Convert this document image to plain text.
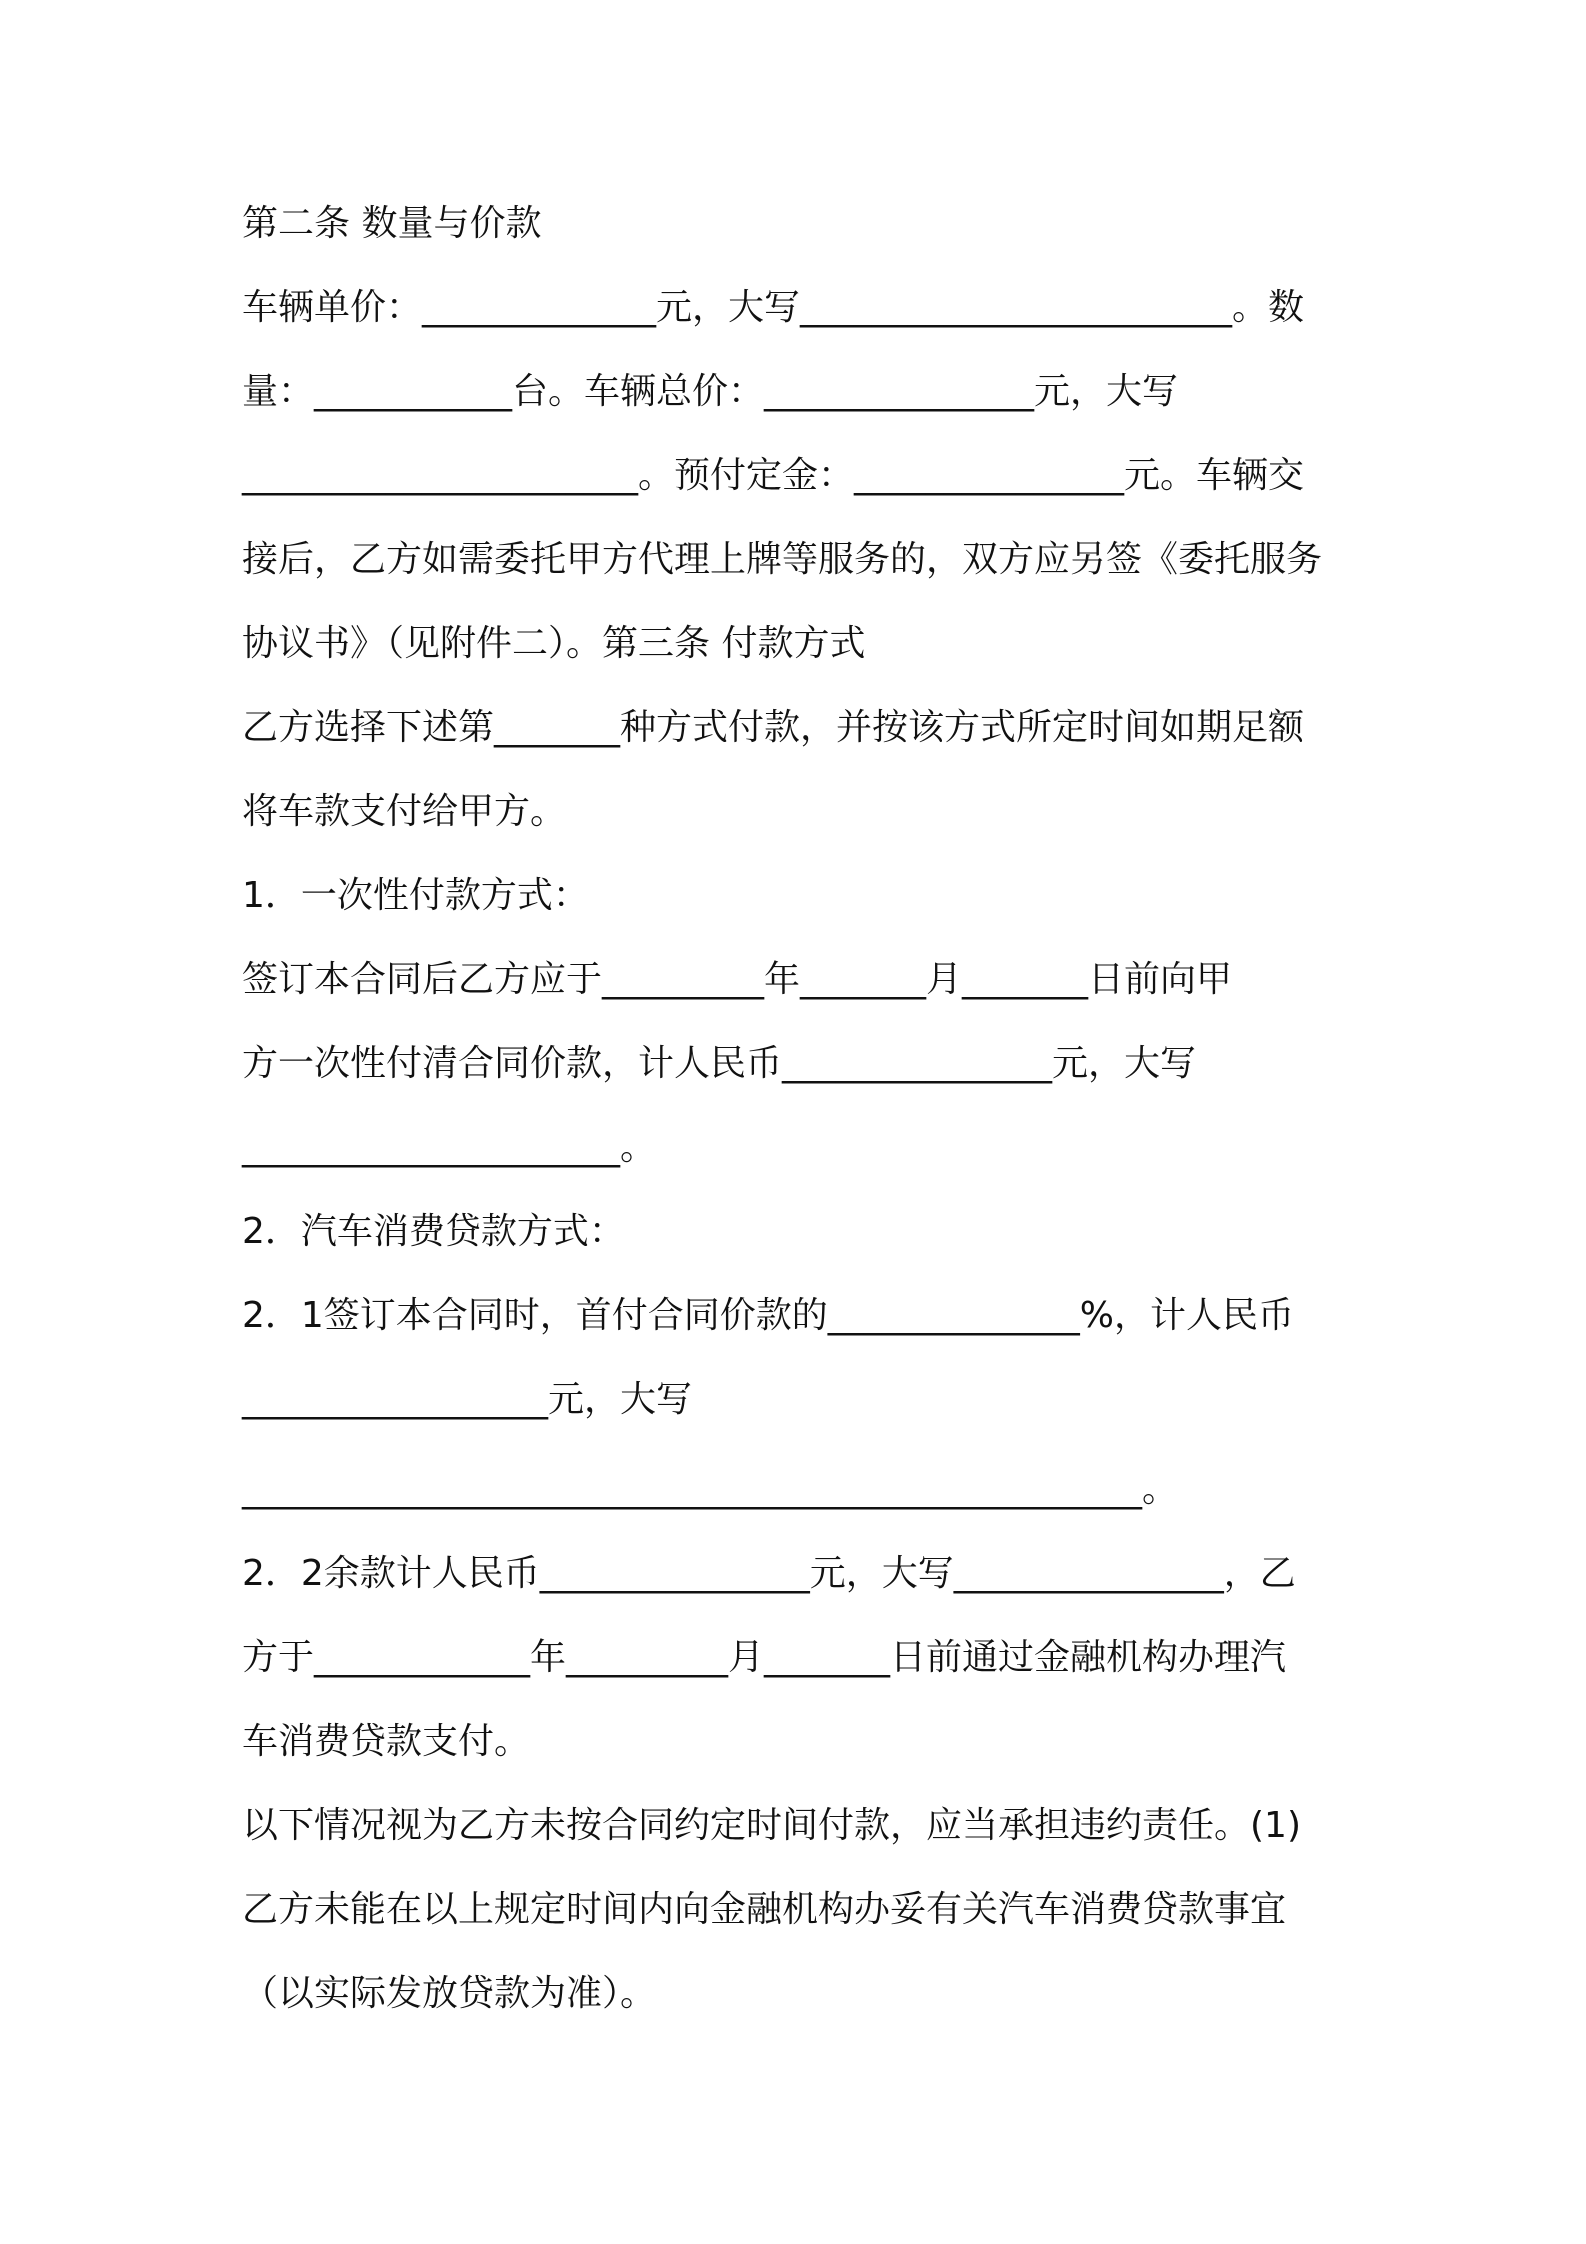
第二条 数量与价款
车辆单价：_____________元，大写________________________。数
量：___________台。车辆总价：_______________元，大写
______________________。预付定金：_______________元。车辆交
接后，乙方如需委托甲方代理上牌等服务的，双方应另签《委托服务
协议书》（见附件二）。第三条 付款方式
乙方选择下述第_______种方式付款，并按该方式所定时间如期足额
将车款支付给甲方。
1．一次性付款方式：
签订本合同后乙方应于_________年_______月_______日前向甲
方一次性付清合同价款，计人民币_______________元，大写
_____________________。
2．汽车消费贷款方式：
2．1签订本合同时，首付合同价款的______________%，计人民币
_________________元，大写
__________________________________________________。
2．2余款计人民币_______________元，大写_______________，乙
方于____________年_________月_______日前通过金融机构办理汽
车消费贷款支付。
以下情况视为乙方未按合同约定时间付款，应当承担违约责任。(1)
乙方未能在以上规定时间内向金融机构办妥有关汽车消费贷款事宜
（以实际发放贷款为准）。
